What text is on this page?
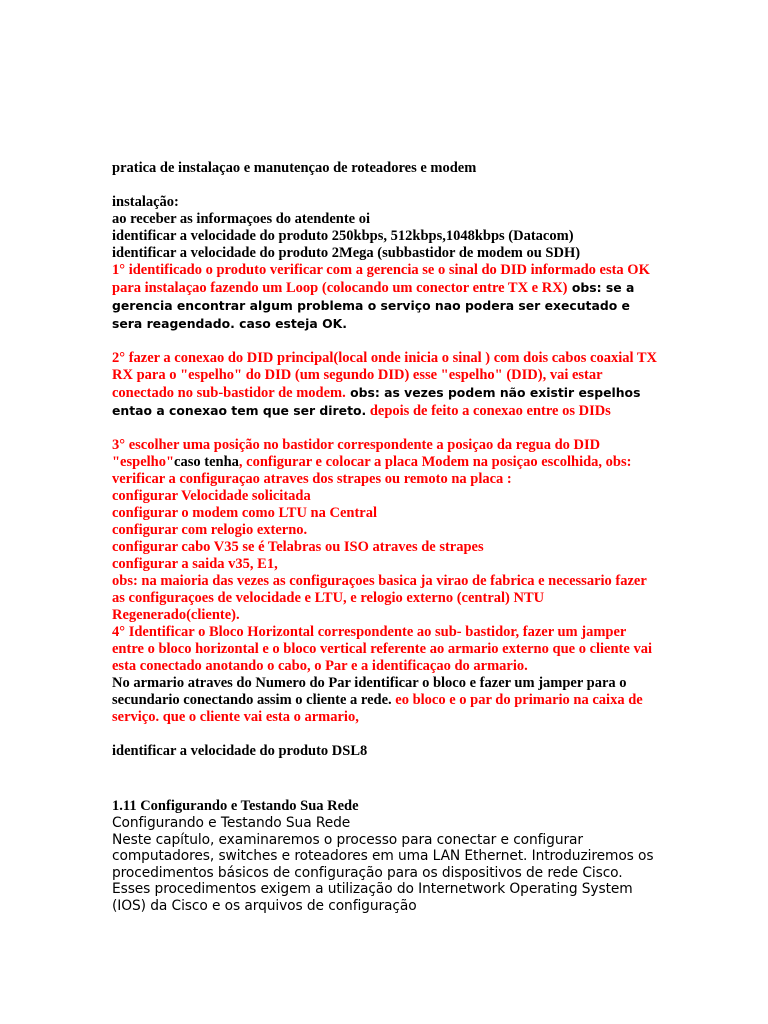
pratica de instalaçao e manutençao de roteadores e modem

instalação:

ao receber as informaçoes do atendente oi

identificar a velocidade do produto 250kbps, 512kbps,1048kbps (Datacom)

identificar a velocidade do produto 2Mega (subbastidor de modem ou SDH)

1° identificado o produto verificar com a gerencia se o sinal do DID informado esta OK para instalaçao fazendo um Loop (colocando um conector entre TX e RX) obs: se a gerencia encontrar algum problema o serviço nao podera ser executado e sera reagendado. caso esteja OK.

2° fazer a conexao do DID principal(local onde inicia o sinal ) com dois cabos coaxial TX RX para o "espelho" do DID (um segundo DID) esse "espelho" (DID), vai estar conectado no sub-bastidor de modem. obs: as vezes podem não existir espelhos entao a conexao tem que ser direto. depois de feito a conexao entre os DIDs

3° escolher uma posição no bastidor correspondente a posiçao da regua do DID "espelho"caso tenha, configurar e colocar a placa Modem na posiçao escolhida, obs: verificar a configuraçao atraves dos strapes ou remoto na placa :

configurar Velocidade solicitada

configurar o modem como LTU na Central

configurar com relogio externo.

configurar cabo V35 se é Telabras ou ISO atraves de strapes

configurar a saida v35, E1,

obs: na maioria das vezes as configuraçoes basica ja virao de fabrica e necessario fazer as configuraçoes de velocidade e LTU, e relogio externo (central) NTU Regenerado(cliente).

4° Identificar o Bloco Horizontal correspondente ao sub- bastidor, fazer um jamper entre o bloco horizontal e o bloco vertical referente ao armario externo que o cliente vai esta conectado anotando o cabo, o Par e a identificaçao do armario.

No armario atraves do Numero do Par identificar o bloco e fazer um jamper para o secundario conectando assim o cliente a rede. eo bloco e o par do primario na caixa de serviço. que o cliente vai esta o armario,

identificar a velocidade do produto DSL8

1.11 Configurando e Testando Sua Rede

Configurando e Testando Sua Rede

Neste capítulo, examinaremos o processo para conectar e configurar computadores, switches e roteadores em uma LAN Ethernet. Introduziremos os procedimentos básicos de configuração para os dispositivos de rede Cisco. Esses procedimentos exigem a utilização do Internetwork Operating System (IOS) da Cisco e os arquivos de configuração
